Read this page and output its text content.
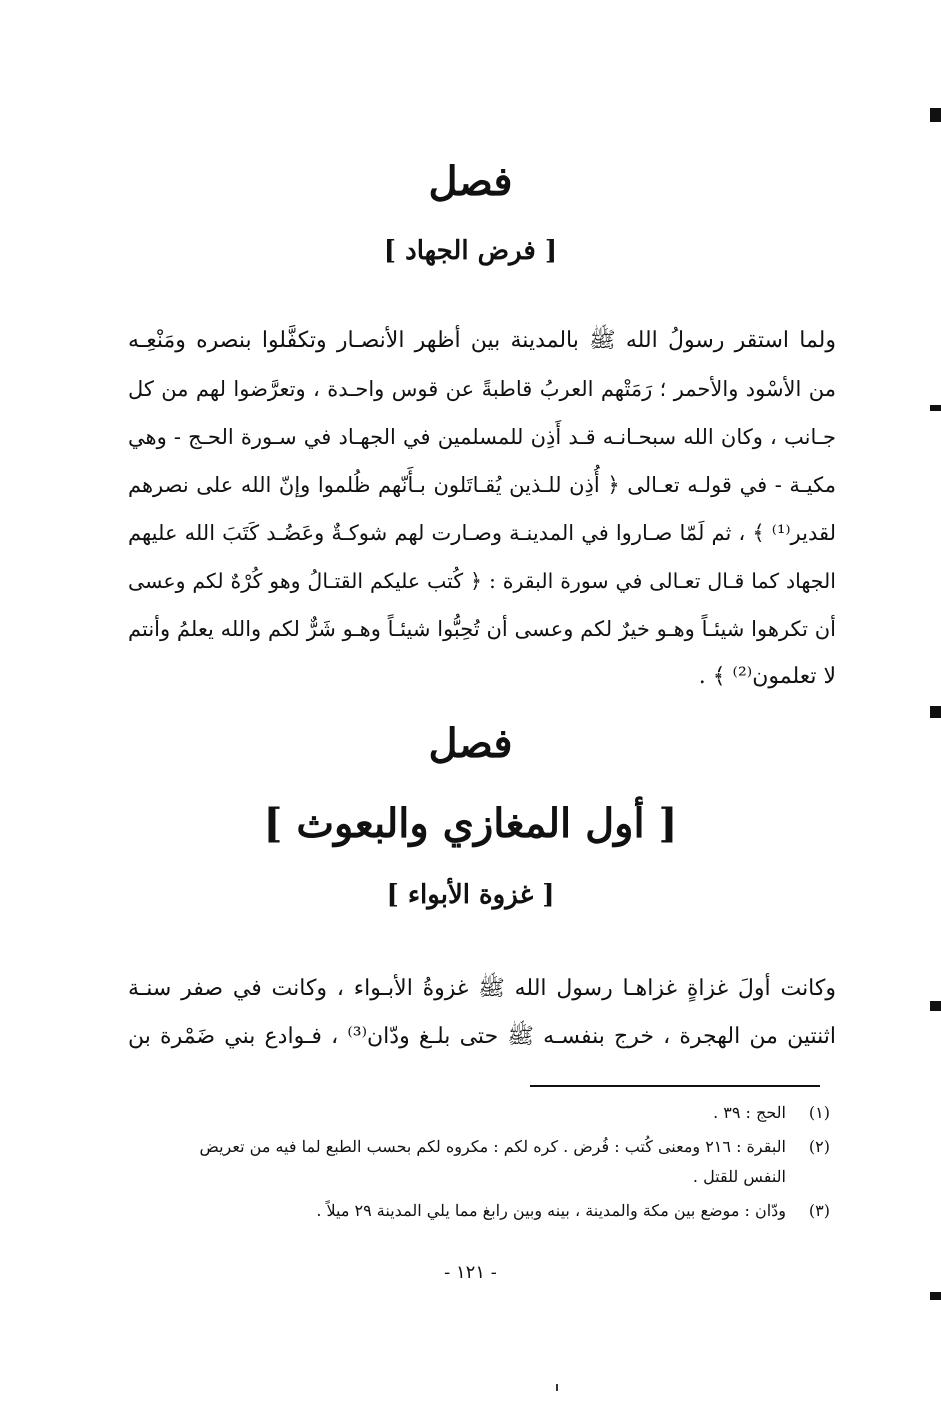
فصل
[ فرض الجهاد ]
ولما استقر رسولُ الله ﷺ بالمدينة بين أظهر الأنصـار وتكفَّلوا بنصره ومَنْعِـه
من الأسْود والأحمر ؛ رَمَتْهم العربُ قاطبةً عن قوس واحـدة ، وتعرَّضوا لهم من كل
جـانب ، وكان الله سبحـانـه قـد أَذِن للمسلمين في الجهـاد في سـورة الحـج - وهي
مكيـة - في قولـه تعـالى ﴿ أُذِن للـذين يُقـاتَلون بـأَنّهم ظُلموا وإنّ الله على نصرهم
لقدير⁽¹⁾ ﴾ ، ثم لَمّا صـاروا في المدينـة وصـارت لهم شوكـةٌ وعَضُـد كَتَبَ الله عليهم
الجهاد كما قـال تعـالى في سورة البقرة : ﴿ كُتب عليكم القتـالُ وهو كُرْهٌ لكم وعسى
أن تكرهوا شيئـاً وهـو خيرٌ لكم وعسى أن تُحِبُّوا شيئـاً وهـو شَرٌّ لكم والله يعلمُ وأنتم
لا تعلمون⁽²⁾ ﴾ .
فصل
[ أول المغازي والبعوث ]
[ غزوة الأبواء ]
وكانت أولَ غزاةٍ غزاهـا رسول الله ﷺ غزوةُ الأبـواء ، وكانت في صفر سنـة
اثنتين من الهجرة ، خرج بنفسـه ﷺ حتى بلـغ ودّان⁽³⁾ ، فـوادع بني ضَمْرة بن
(١)
الحج : ٣٩ .
(٢)
البقرة : ٢١٦ ومعنى كُتب : فُرض . كره لكم : مكروه لكم بحسب الطبع لما فيه من تعريض
النفس للقتل .
(٣)
ودّان : موضع بين مكة والمدينة ، بينه وبين رابغ مما يلي المدينة ٢٩ ميلاً .
- ١٢١ -
